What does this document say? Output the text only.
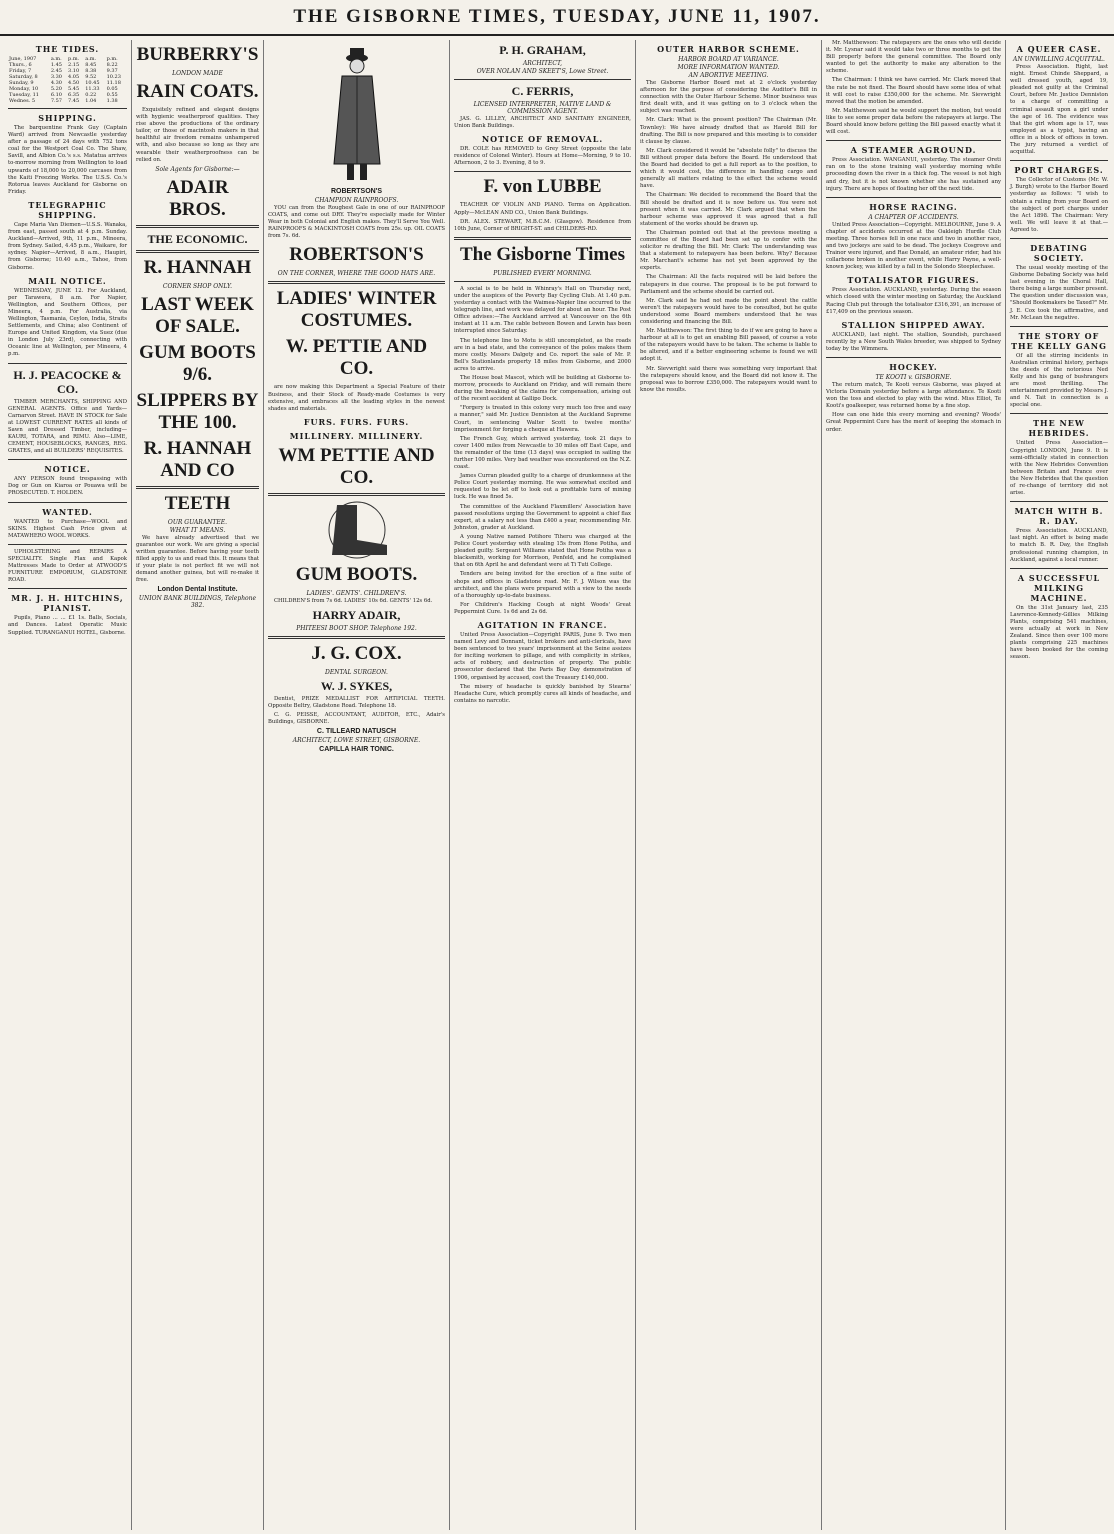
THE GISBORNE TIMES, TUESDAY, JUNE 11, 1907.
THE TIDES.
June, 1907	a.m.	p.m.	a.m.	p.m.
Thurs., 6	1.45	2.15	8.45	8.22
Friday, 7	2.45	3.10	8.38	9.37
Saturday, 8	3.30	4.05	9.52	10.23
Sunday, 9	4.30	4.50	10.45	11.18
Monday, 10	5.20	5.45	11.33	0.05
Tuesday, 11	6.10	6.35	0.22	0.55
Wednes. 5	7.57	7.45	1.04	1.38
SHIPPING.

The barquentine Frank Guy (Captain Ward) arrived from Newcastle yesterday after a passage of 24 days with 752 tons coal for the Westport Coal Co. The Shaw, Savill, and Albion Co.'s s.s. Matatua arrives to-morrow morning from Wellington to load upwards of 18,000 to 20,000 carcases from the Kaiti Freezing Works. The U.S.S. Co.'s Rotorua leaves Auckland for Gisborne on Friday.

TELEGRAPHIC SHIPPING.

Cape Maria Van Diemen—U.S.S. Wanaka, from east, passed south at 4 p.m. Sunday. Auckland—Arrived, 9th, 11 p.m., Mineera, from Sydney. Sailed, 4.45 p.m., Waikare, for sydney. Napier—Arrived, 8 a.m., Haupiri, from Gisborne; 10.40 a.m., Tahoe, from Gisborne.

MAIL NOTICE.

WEDNESDAY, JUNE 12. For Auckland, per Tarawera, 8 a.m. For Napier, Wellington, and Southern Offices, per Mineera, 4 p.m. For Australia, via Wellington, Tasmania, Ceylon, India, Straits Settlements, and China; also Continent of Europe and United Kingdom, via Suez (due in London July 23rd), connecting with Oceanic line at Wellington, per Mineera, 4 p.m.

H. J. PEACOCKE & CO.

TIMBER MERCHANTS, SHIPPING AND GENERAL AGENTS. Office and Yards—Carnarvon Street. HAVE IN STOCK for Sale at LOWEST CURRENT RATES all kinds of Sawn and Dressed Timber, including—KAURI, TOTARA, and RIMU. Also—LIME, CEMENT, HOUSEBLOCKS, RANGES, REG. GRATES, and all BUILDERS' REQUISITES.

NOTICE.

ANY PERSON found trespassing with Dog or Gun on Kiaroa or Pouawa will be PROSECUTED. T. HOLDEN.

WANTED.

WANTED to Purchase—WOOL and SKINS. Highest Cash Price given at MATAWHERO WOOL WORKS.

UPHOLSTERING and REPAIRS A SPECIALITY. Single Flax and Kapok Mattresses Made to Order at ATWOOD'S FURNITURE EMPORIUM, GLADSTONE ROAD.

MR. J. H. HITCHINS, PIANIST.

Pupils, Piano ... ... £1 1s. Balls, Socials, and Dances. Latest Operatic Music Supplied. TURANGANUI HOTEL, Gisborne.

BURBERRY'S
LONDON MADE
RAIN COATS.

Exquisitely refined and elegant designs with hygienic weatherproof qualities. They rise above the productions of the ordinary tailor, or those of macintosh makers in that healthful air freedom remains unhampered with, and also because so long as they are wearable their weatherproofness can be relied on.

Sole Agents for Gisborne:—
ADAIR BROS.
THE ECONOMIC.
R. HANNAH
CORNER SHOP ONLY.
LAST WEEK OF SALE.
GUM BOOTS 9/6.
SLIPPERS BY THE 100.
R. HANNAH AND CO
TEETH
OUR GUARANTEE.
WHAT IT MEANS.

We have already advertised that we guarantee our work. We are giving a special written guarantee. Before having your teeth filled apply to us and read this. It means that if your plate is not perfect fit we will not demand another guinea, but will re-make it free.

London Dental Institute.
UNION BANK BUILDINGS, Telephone 382.
ROBERTSON'S
CHAMPION RAINPROOFS.

YOU can from the Roughest Gale in one of our RAINPROOF COATS, and come out DRY. They're especially made for Winter Wear in both Colonial and English makes. They'll Serve You Well. RAINPROOFS & MACKINTOSH COATS from 25s. up. OIL COATS from 7s. 6d.

ROBERTSON'S
ON THE CORNER, WHERE THE GOOD HATS ARE.
LADIES' WINTER COSTUMES.
W. PETTIE AND CO.

are now making this Department a Special Feature of their Business, and their Stock of Ready-made Costumes is very extensive, and embraces all the leading styles in the newest shades and materials.

FURS. FURS. FURS.
MILLINERY. MILLINERY.
WM PETTIE AND CO.
GUM BOOTS.
LADIES'. GENTS'. CHILDREN'S.

CHILDREN'S from 7s 6d. LADIES' 10s 6d. GENTS' 12s 6d.

HARRY ADAIR,
PHITEESI BOOT SHOP. Telephone 192.
J. G. COX.
DENTAL SURGEON.
W. J. SYKES,

Dentist, PRIZE MEDALLIST FOR ARTIFICIAL TEETH. Opposite Beltry, Gladstone Road. Telephone 18.

C. G. PEISSE, ACCOUNTANT, AUDITOR, ETC., Adair's Buildings, GISBORNE.

C. TILLEARD NATUSCH
ARCHITECT, LOWE STREET, GISBORNE.
CAPILLA HAIR TONIC.
P. H. GRAHAM,
ARCHITECT,
OVER NOLAN AND SKEET'S, Lowe Street.
C. FERRIS,
LICENSED INTERPRETER, NATIVE LAND & COMMISSION AGENT.

JAS. G. LILLEY, ARCHITECT AND SANITARY ENGINEER, Union Bank Buildings.

NOTICE OF REMOVAL.

DR. COLE has REMOVED to Grey Street (opposite the late residence of Colonel Winter). Hours at Home—Morning, 9 to 10. Afternoon, 2 to 3. Evening, 8 to 9.

F. von LUBBE

TEACHER OF VIOLIN AND PIANO. Terms on Application. Apply—McLEAN AND CO., Union Bank Buildings.

DR. ALEX. STEWART, M.B.C.M. (Glasgow). Residence from 10th June, Corner of BRIGHT-ST. and CHILDERS-RD.

The Gisborne Times
PUBLISHED EVERY MORNING.

A social is to be held in Whinray's Hall on Thursday next, under the auspices of the Poverty Bay Cycling Club. At 1.40 p.m. yesterday a contact with the Waimea-Napier line occurred to the telegraph line, and work was delayed for about an hour. The Post Office advises:—The Auckland arrived at Vancouver on the 6th instant at 11 a.m. The cable between Bowen and Lewin has been interrupted since Saturday.

The telephone line to Motu is still uncompleted, as the roads are in a bad state, and the conveyance of the poles makes them more costly. Messrs Dalgety and Co. report the sale of Mr. P. Bell's Stationlands property 18 miles from Gisborne, and 2000 acres to arrive.

The House boat Mascot, which will be building at Gisborne to-morrow, proceeds to Auckland on Friday, and will remain there during the breaking of the claims for compensation, arising out of the recent accident at Gallipo Dock.

"Forgery is treated in this colony very much too free and easy a manner," said Mr. Justice Denniston at the Auckland Supreme Court, in sentencing Walter Scott to twelve months' imprisonment for forging a cheque at Hawera.

The French Guy, which arrived yesterday, took 21 days to cover 1400 miles from Newcastle to 30 miles off East Cape, and the remainder of the time (13 days) was occupied in sailing the further 100 miles. Very bad weather was encountered on the N.Z. coast.

James Curran pleaded guilty to a charge of drunkenness at the Police Court yesterday morning. He was somewhat excited and requested to be let off to look out a profitable turn of mining luck. He was fined 5s.

The committee of the Auckland Flaxmillers' Association have passed resolutions urging the Government to appoint a chief flax expert, at a salary not less than £400 a year, recommending Mr. Johnston, grader at Auckland.

A young Native named Potihore Tiheru was charged at the Police Court yesterday with stealing 15s from Hone Potiha, and pleaded guilty. Sergeant Williams stated that Hone Potiha was a blacksmith, working for Morrison, Penfeld, and he complained that on 6th April he and defendant were at Ti Tuti College.

Tenders are being invited for the erection of a fine suite of shops and offices in Gladstone road. Mr. F. J. Wilson was the architect, and the plans were prepared with a view to the needs of a thoroughly up-to-date business.

For Children's Hacking Cough at night Woods' Great Peppermint Cure. 1s 6d and 2s 6d.

AGITATION IN FRANCE.

United Press Association—Copyright PARIS, June 9. Two men named Levy and Donnant, ticket brokers and anti-clericals, have been sentenced to two years' imprisonment at the Seine assizes for inciting workmen to pillage, and with complicity in strikes, acts of robbery, and destruction of property. The public prosecutor declared that the Paris Bay Day demonstration of 1906, organised by accused, cost the Treasury £140,000.

The misery of headache is quickly banished by Stearns' Headache Cure, which promptly cures all kinds of headache, and contains no narcotic.

OUTER HARBOR SCHEME.
HARBOR BOARD AT VARIANCE.
MORE INFORMATION WANTED.
AN ABORTIVE MEETING.

The Gisborne Harbor Board met at 2 o'clock yesterday afternoon for the purpose of considering the Auditor's Bill in connection with the Outer Harbour Scheme. Minor business was first dealt with, and it was getting on to 3 o'clock when the subject was reached.

Mr. Clark: What is the present position? The Chairman (Mr. Townley): We have already drafted that as Harold Bill for drafting. The Bill is now prepared and this meeting is to consider it clause by clause.

Mr. Clark considered it would be "absolute folly" to discuss the Bill without proper data before the Board. He understood that the Board had decided to get a full report as to the position, to which it would cost, the difference in handling cargo and generally all matters relating to the effect the scheme would have.

The Chairman: We decided to recommend the Board that the Bill should be drafted and it is now before us. You were not present when it was carried. Mr. Clark argued that when the harbour scheme was approved it was agreed that a full statement of the works should be drawn up.

The Chairman pointed out that at the previous meeting a committee of the Board had been set up to confer with the solicitor re drafting the Bill. Mr. Clark: The understanding was that a statement to ratepayers has been before. Why? Because Mr. Marchant's scheme has not yet been approved by the experts.

The Chairman: All the facts required will be laid before the ratepayers in due course. The proposal is to be put forward to Parliament and the scheme should be carried out.

Mr. Clark said he had not made the point about the cattle weren't the ratepayers would have to be consulted, but he quite understood some Board members understood that he was considering and financing the Bill.

Mr. Matthewson: The first thing to do if we are going to have a harbour at all is to get an enabling Bill passed, of course a vote of the ratepayers would have to be taken. The scheme is liable to be altered, and if a better engineering scheme is found we will adopt it.

Mr. Sievwright said there was something very important that the ratepayers should know, and the Board did not know it. The proposal was to borrow £350,000. The ratepayers would want to know the results.

Mr. Matthewson: The ratepayers are the ones who will decide it. Mr. Lysnar said it would take two or three months to get the Bill properly before the general committee. The Board only wanted to get the authority to make any alteration to the scheme.

The Chairman: I think we have carried. Mr. Clark moved that the rate be not fixed. The Board should have some idea of what it will cost to raise £350,000 for the scheme. Mr. Sievwright moved that the motion be amended.

Mr. Matthewson said he would support the motion, but would like to see some proper data before the ratepayers at large. The Board should know before getting the Bill passed exactly what it will cost.

A STEAMER AGROUND.

Press Association. WANGANUI, yesterday. The steamer Oreti ran on to the stone training wall yesterday morning while proceeding down the river in a thick fog. The vessel is not high and dry, but it is not known whether she has sustained any injury. There are hopes of floating her off the next tide.

HORSE RACING.
A CHAPTER OF ACCIDENTS.

United Press Association—Copyright. MELBOURNE, June 9. A chapter of accidents occurred at the Oakleigh Hurdle Club meeting. Three horses fell in one race and two in another race, and two jockeys are said to be dead. The jockeys Cosgrove and Trainor were injured, and Rae Donald, an amateur rider, had his collarbone broken in another event, while Harry Payne, a well-known jockey, was killed by a fall in the Solondo Steeplechase.

TOTALISATOR FIGURES.

Press Association. AUCKLAND, yesterday. During the season which closed with the winter meeting on Saturday, the Auckland Racing Club put through the totalisator £316,391, an increase of £17,409 on the previous season.

STALLION SHIPPED AWAY.

AUCKLAND, last night. The stallion, Soundish, purchased recently by a New South Wales breeder, was shipped to Sydney today by the Wimmera.

HOCKEY.
TE KOOTI v. GISBORNE.

The return match, Te Kooti versus Gisborne, was played at Victoria Domain yesterday before a large attendance. Te Kooti won the toss and elected to play with the wind. Miss Elliot, Te Kooti's goalkeeper, was returned home by a fine stop.

How can one hide this every morning and evening? Woods' Great Peppermint Cure has the merit of keeping the stomach in order.

A QUEER CASE.
AN UNWILLING ACQUITTAL.

Press Association. Right, last night. Ernest Chinde Sheppard, a well dressed youth, aged 19, pleaded not guilty at the Criminal Court, before Mr. Justice Denniston to a charge of committing a criminal assault upon a girl under the age of 16. The evidence was that the girl whom age is 17, was employed as a typist, having an office in a block of offices in town. The jury returned a verdict of acquittal.

PORT CHARGES.

The Collector of Customs (Mr. W. J. Burgh) wrote to the Harbor Board yesterday as follows: "I wish to obtain a ruling from your Board on the subject of port charges under the Act 1898. The Chairman: Very well. We will leave it at that.—Agreed to.

DEBATING SOCIETY.

The usual weekly meeting of the Gisborne Debating Society was held last evening in the Choral Hall, there being a large number present. The question under discussion was, "Should Bookmakers be Taxed?" Mr. J. E. Cox took the affirmative, and Mr. McLean the negative.

THE STORY OF THE KELLY GANG

Of all the stirring incidents in Australian criminal history, perhaps the deeds of the notorious Ned Kelly and his gang of bushrangers are most thrilling. The entertainment provided by Messrs J. and N. Tait in connection is a special one.

THE NEW HEBRIDES.

United Press Association—Copyright LONDON, June 9. It is semi-officially stated in connection with the New Hebrides Convention between Britain and France over the New Hebrides that the question of re-change of territory did not arise.

MATCH WITH B. R. DAY.

Press Association. AUCKLAND, last night. An effort is being made to match B. R. Day, the English professional running champion, in Auckland, against a local runner.

A SUCCESSFUL MILKING MACHINE.

On the 31st January last, 235 Lawrence-Kennedy-Gillies Milking Plants, comprising 541 machines, were actually at work in New Zealand. Since then over 100 more plants comprising 225 machines have been booked for the coming season.
